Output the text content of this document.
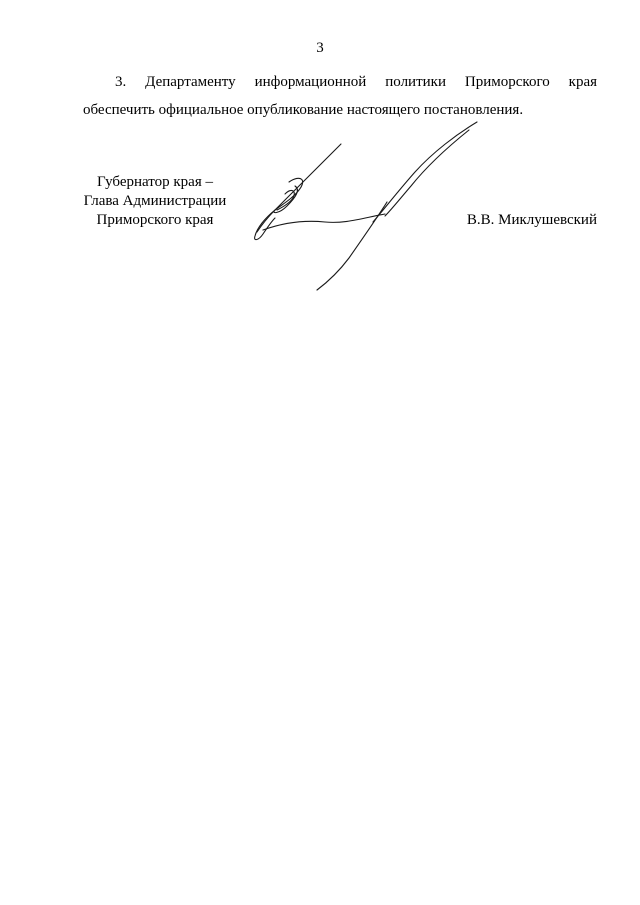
3
3. Департаменту информационной политики Приморского края
обеспечить официальное опубликование настоящего постановления.
Губернатор края –
Глава Администрации
Приморского края	В.В. Миклушевский
